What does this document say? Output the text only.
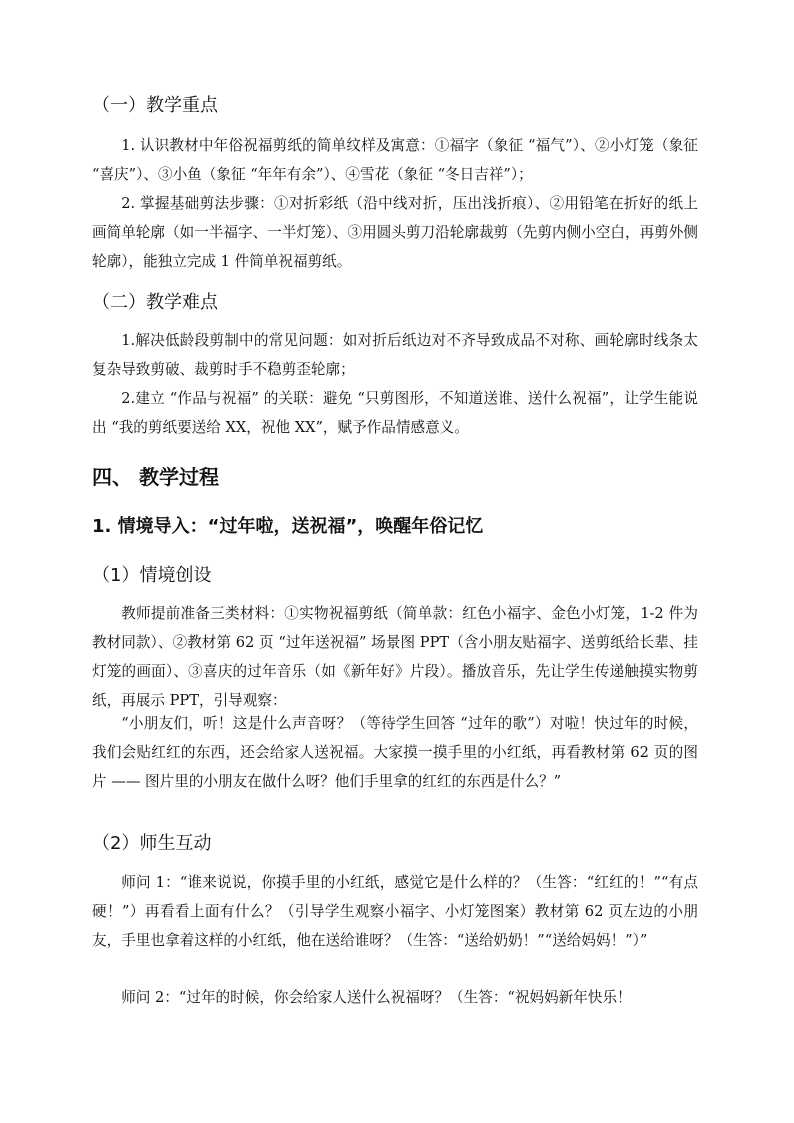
（一）教学重点

1. 认识教材中年俗祝福剪纸的简单纹样及寓意：①福字（象征 “福气”）、②小灯笼（象征 “喜庆”）、③小鱼（象征 “年年有余”）、④雪花（象征 “冬日吉祥”）；

2. 掌握基础剪法步骤：①对折彩纸（沿中线对折，压出浅折痕）、②用铅笔在折好的纸上画简单轮廓（如一半福字、一半灯笼）、③用圆头剪刀沿轮廓裁剪（先剪内侧小空白，再剪外侧轮廓），能独立完成 1 件简单祝福剪纸。

（二）教学难点

1.解决低龄段剪制中的常见问题：如对折后纸边对不齐导致成品不对称、画轮廓时线条太复杂导致剪破、裁剪时手不稳剪歪轮廓；

2.建立 “作品与祝福” 的关联：避免 “只剪图形，不知道送谁、送什么祝福”，让学生能说出 “我的剪纸要送给 XX，祝他 XX”，赋予作品情感意义。

四、 教学过程
1. 情境导入：“过年啦，送祝福”，唤醒年俗记忆
（1）情境创设

教师提前准备三类材料：①实物祝福剪纸（简单款：红色小福字、金色小灯笼，1-2 件为教材同款）、②教材第 62 页 “过年送祝福” 场景图 PPT（含小朋友贴福字、送剪纸给长辈、挂灯笼的画面）、③喜庆的过年音乐（如《新年好》片段）。播放音乐，先让学生传递触摸实物剪纸，再展示 PPT，引导观察：

“小朋友们，听！这是什么声音呀？（等待学生回答 “过年的歌”）对啦！快过年的时候，我们会贴红红的东西，还会给家人送祝福。大家摸一摸手里的小红纸，再看教材第 62 页的图片 —— 图片里的小朋友在做什么呀？他们手里拿的红红的东西是什么？”

（2）师生互动

师问 1：“谁来说说，你摸手里的小红纸，感觉它是什么样的？（生答：“红红的！”“有点硬！”）再看看上面有什么？（引导学生观察小福字、小灯笼图案）教材第 62 页左边的小朋友，手里也拿着这样的小红纸，他在送给谁呀？（生答：“送给奶奶！”“送给妈妈！”）”

师问 2：“过年的时候，你会给家人送什么祝福呀？（生答：“祝妈妈新年快乐！
